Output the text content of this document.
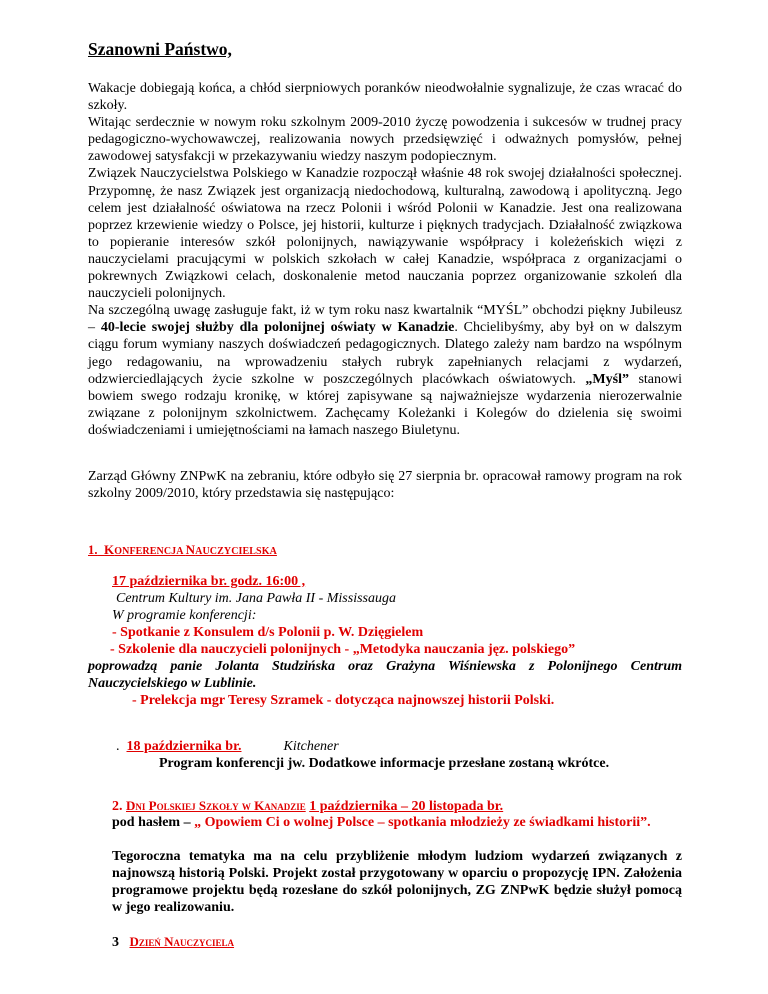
Szanowni Państwo,

Wakacje dobiegają końca, a chłód sierpniowych poranków nieodwołalnie sygnalizuje, że czas wracać do szkoły.
Witając serdecznie w nowym roku szkolnym 2009-2010 życzę powodzenia i sukcesów w trudnej pracy pedagogiczno-wychowawczej, realizowania nowych przedsięwzięć i odważnych pomysłów, pełnej zawodowej satysfakcji w przekazywaniu wiedzy naszym podopiecznym.
Związek Nauczycielstwa Polskiego w Kanadzie rozpoczął właśnie 48 rok swojej działalności społecznej. Przypomnę, że nasz Związek jest organizacją niedochodową, kulturalną, zawodową i apolityczną. Jego celem jest działalność oświatowa na rzecz Polonii i wśród Polonii w Kanadzie. Jest ona realizowana poprzez krzewienie wiedzy o Polsce, jej historii, kulturze i pięknych tradycjach. Działalność związkowa to popieranie interesów szkół polonijnych, nawiązywanie współpracy i koleżeńskich więzi z nauczycielami pracującymi w polskich szkołach w całej Kanadzie, współpraca z organizacjami o pokrewnych Związkowi celach, doskonalenie metod nauczania poprzez organizowanie szkoleń dla nauczycieli polonijnych.
Na szczególną uwagę zasługuje fakt, iż w tym roku nasz kwartalnik “MYŚL” obchodzi piękny Jubileusz – 40-lecie swojej służby dla polonijnej oświaty w Kanadzie. Chcielibyśmy, aby był on w dalszym ciągu forum wymiany naszych doświadczeń pedagogicznych. Dlatego zależy nam bardzo na wspólnym jego redagowaniu, na wprowadzeniu stałych rubryk zapełnianych relacjami z wydarzeń, odzwierciedlających życie szkolne w poszczególnych placówkach oświatowych. „Myśl” stanowi bowiem swego rodzaju kronikę, w której zapisywane są najważniejsze wydarzenia nierozerwalnie związane z polonijnym szkolnictwem. Zachęcamy Koleżanki i Kolegów do dzielenia się swoimi doświadczeniami i umiejętnościami na łamach naszego Biuletynu.

Zarząd Główny ZNPwK na zebraniu, które odbyło się 27 sierpnia br. opracował ramowy program na rok szkolny 2009/2010, który przedstawia się następująco:

1. KONFERENCJA NAUCZYCIELSKA

17 października br. godz. 16:00 ,

Centrum Kultury im. Jana Pawła II - Mississauga

W programie konferencji:

- Spotkanie z Konsulem d/s Polonii p. W. Dzięgielem

- Szkolenie dla nauczycieli polonijnych - „Metodyka nauczania jęz. polskiego”
poprowadzą panie Jolanta Studzińska oraz Grażyna Wiśniewska z Polonijnego Centrum Nauczycielskiego w Lublinie.

- Prelekcja mgr Teresy Szramek - dotycząca najnowszej historii Polski.

. 18 października br.	Kitchener

Program konferencji jw. Dodatkowe informacje przesłane zostaną wkrótce.

2. Dni Polskiej Szkoły w Kanadzie 1 października – 20 listopada br.

pod hasłem – „ Opowiem Ci o wolnej Polsce – spotkania młodzieży ze świadkami historii”.

Tegoroczna tematyka ma na celu przybliżenie młodym ludziom wydarzeń związanych z najnowszą historią Polski. Projekt został przygotowany w oparciu o propozycję IPN. Założenia programowe projektu będą rozesłane do szkół polonijnych, ZG ZNPwK będzie służył pomocą w jego realizowaniu.

3 Dzień Nauczyciela
